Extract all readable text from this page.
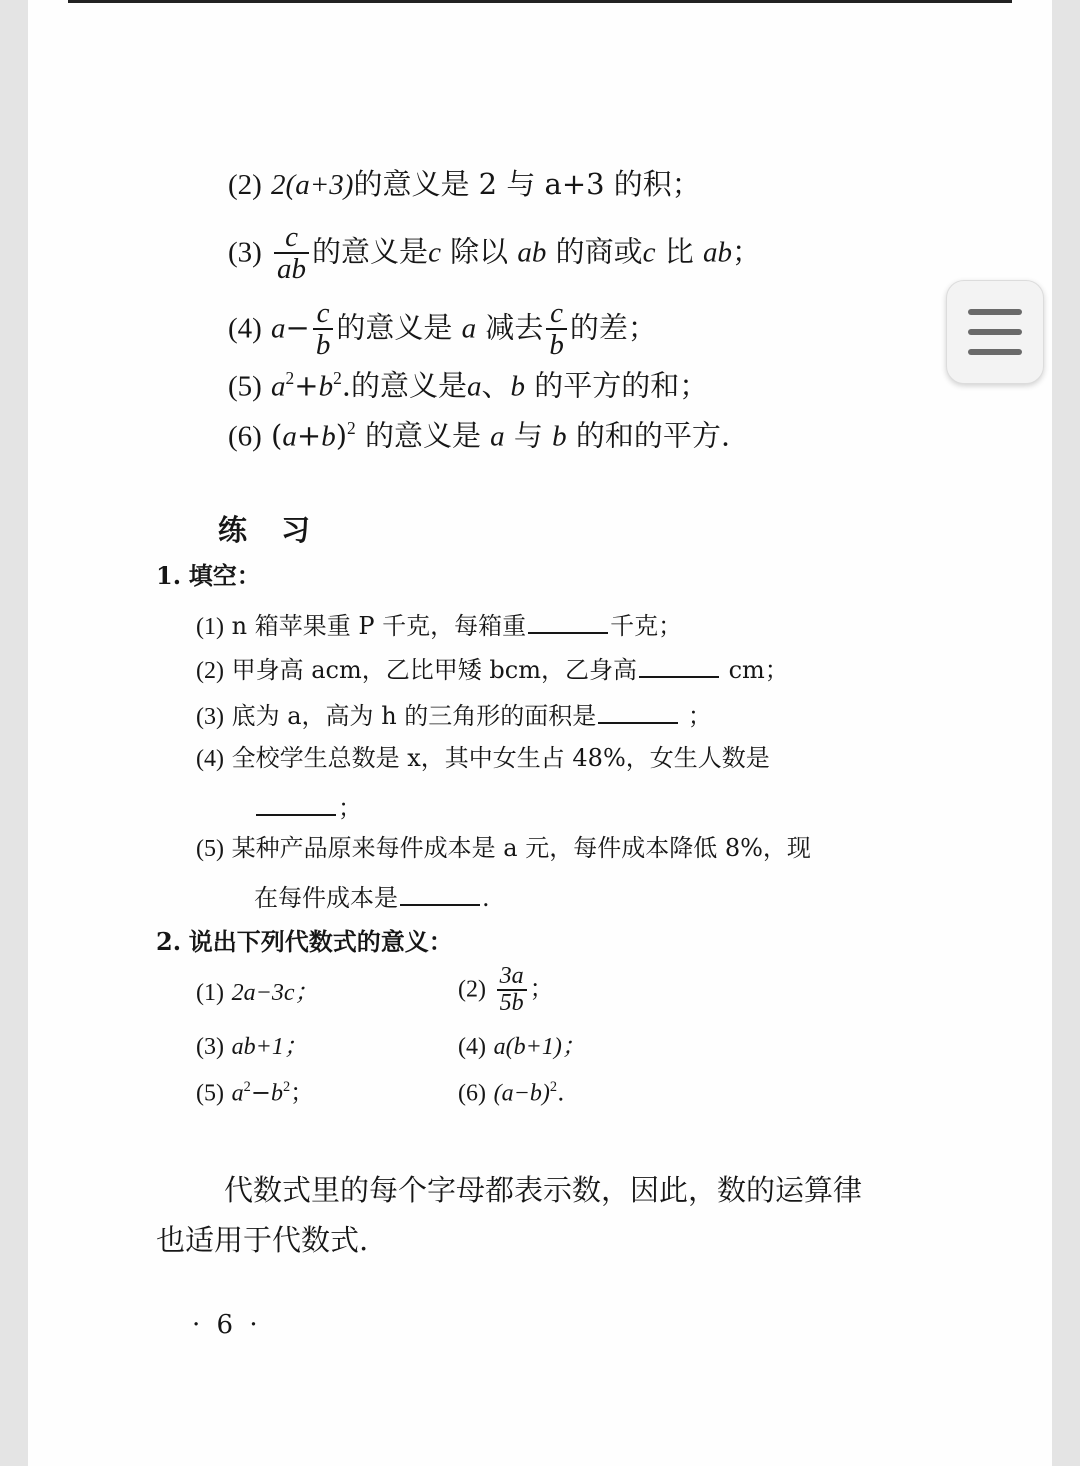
(2) 2(a+3)的意义是 2 与 a+3 的积；
$(3) \frac{c}{ab}$ 的意义是c 除以 ab 的商或c 比 ab；
(4) $a- \frac{c}{b}$ 的意义是 a 减去 $\frac{c}{b}$ 的差；
(5) $a^2+b^2$.的意义是a、b 的平方的和；
(6) $(a+b)^2$ 的意义是 a 与 b 的和的平方.
练习
1. 填空：
(1) n 箱苹果重 P 千克，每箱重	千克；
(2) 甲身高 acm，乙比甲矮 bcm，乙身高	cm；
(3) 底为 a，高为 h 的三角形的面积是	；
(4) 全校学生总数是 x，其中女生占 48%，女生人数是
；
(5) 某种产品原来每件成本是 a 元，每件成本降低 8%，现
在每件成本是	.
2. 说出下列代数式的意义：
(1) 2a−3c；	$(2) \frac{3a}{5b}$ ；
(3) ab+1；	(4) a(b+1)；
(5) $a^2-b^2$；	(6) $(a-b)^2$.
代数式里的每个字母都表示数，因此，数的运算律
也适用于代数式.
· 6 ·
